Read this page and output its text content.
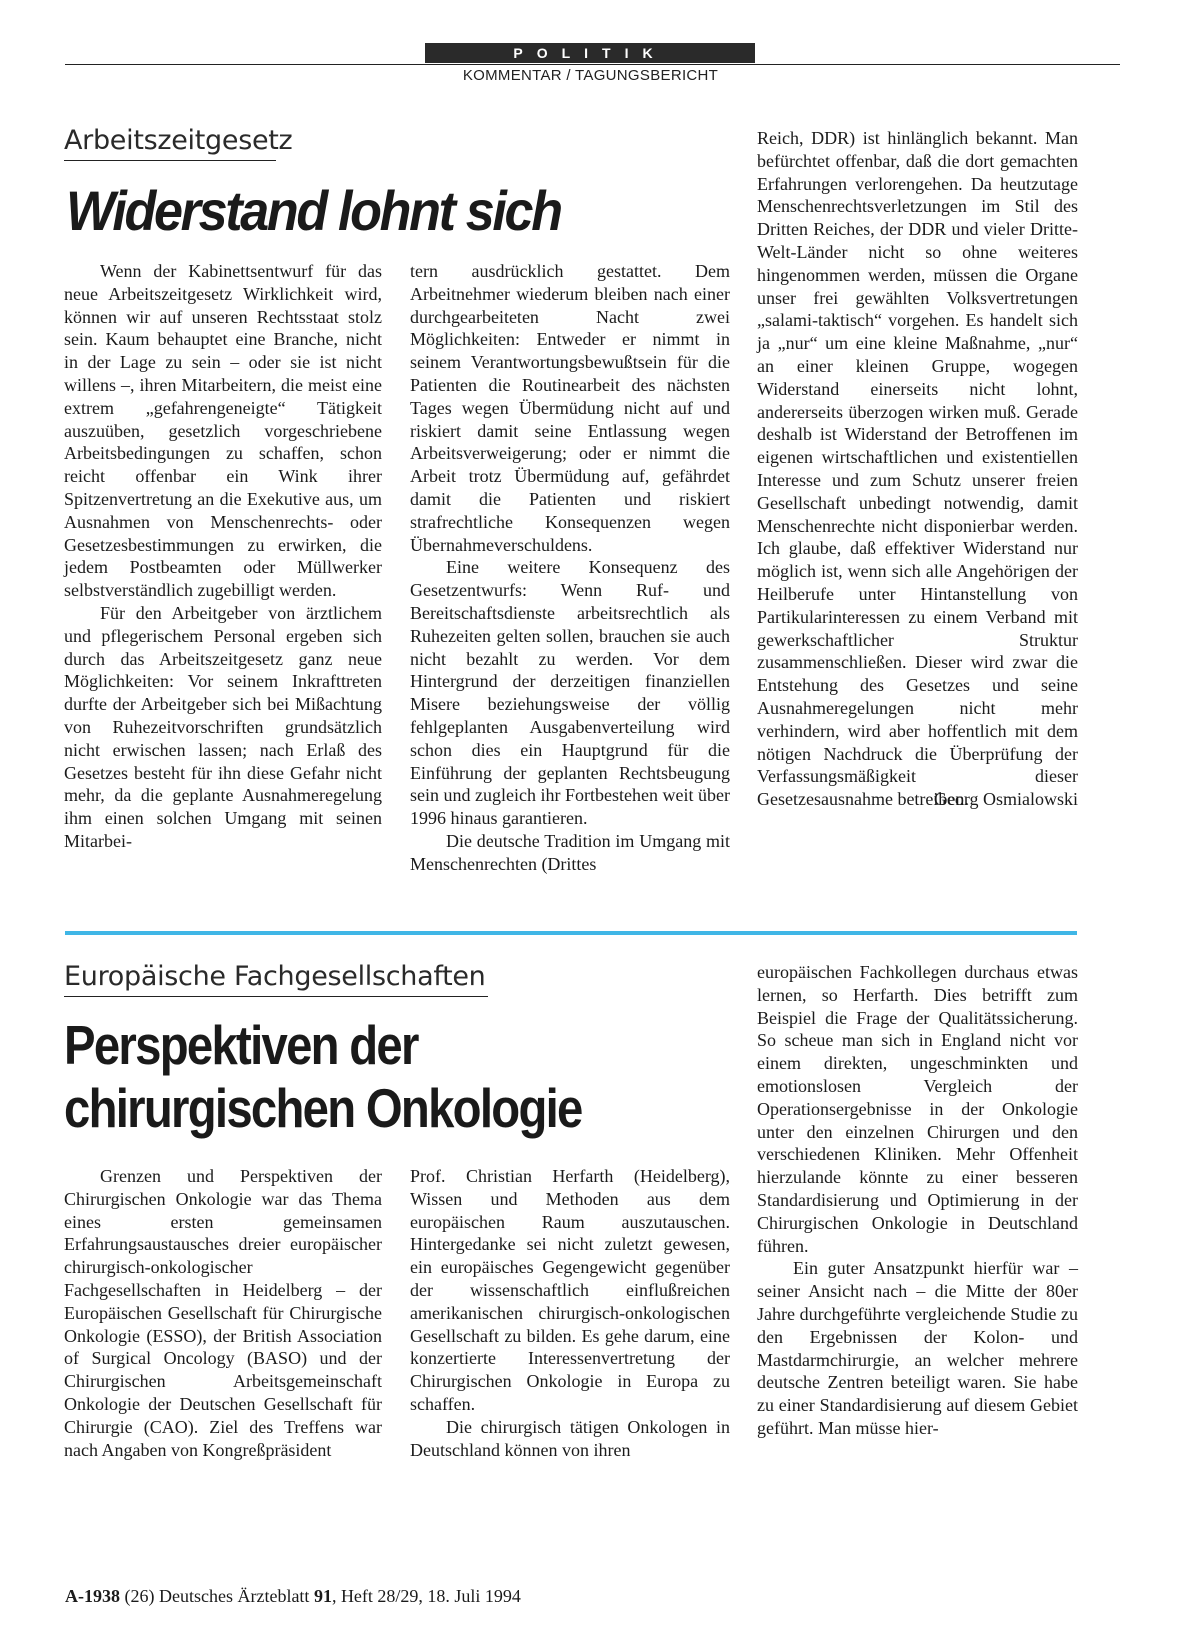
POLITIK
KOMMENTAR / TAGUNGSBERICHT
Arbeitszeitgesetz
Widerstand lohnt sich

Wenn der Kabinettsentwurf für das neue Arbeitszeitgesetz Wirklichkeit wird, können wir auf unseren Rechtsstaat stolz sein. Kaum behauptet eine Branche, nicht in der Lage zu sein – oder sie ist nicht willens –, ihren Mitarbeitern, die meist eine extrem „gefahrengeneigte“ Tätigkeit auszuüben, gesetzlich vorgeschriebene Arbeitsbedingungen zu schaffen, schon reicht offenbar ein Wink ihrer Spitzenvertretung an die Exekutive aus, um Ausnahmen von Menschenrechts- oder Gesetzesbestimmungen zu erwirken, die jedem Postbeamten oder Müllwerker selbstverständlich zugebilligt werden.

Für den Arbeitgeber von ärztlichem und pflegerischem Personal ergeben sich durch das Arbeitszeitgesetz ganz neue Möglichkeiten: Vor seinem Inkrafttreten durfte der Arbeitgeber sich bei Mißachtung von Ruhezeitvorschriften grundsätzlich nicht erwischen lassen; nach Erlaß des Gesetzes besteht für ihn diese Gefahr nicht mehr, da die geplante Ausnahmeregelung ihm einen solchen Umgang mit seinen Mitarbei-

tern ausdrücklich gestattet. Dem Arbeitnehmer wiederum bleiben nach einer durchgearbeiteten Nacht zwei Möglichkeiten: Entweder er nimmt in seinem Verantwortungsbewußtsein für die Patienten die Routinearbeit des nächsten Tages wegen Übermüdung nicht auf und riskiert damit seine Entlassung wegen Arbeitsverweigerung; oder er nimmt die Arbeit trotz Übermüdung auf, gefährdet damit die Patienten und riskiert strafrechtliche Konsequenzen wegen Übernahmeverschuldens.

Eine weitere Konsequenz des Gesetzentwurfs: Wenn Ruf- und Bereitschaftsdienste arbeitsrechtlich als Ruhezeiten gelten sollen, brauchen sie auch nicht bezahlt zu werden. Vor dem Hintergrund der derzeitigen finanziellen Misere beziehungsweise der völlig fehlgeplanten Ausgabenverteilung wird schon dies ein Hauptgrund für die Einführung der geplanten Rechtsbeugung sein und zugleich ihr Fortbestehen weit über 1996 hinaus garantieren.

Die deutsche Tradition im Umgang mit Menschenrechten (Drittes

Reich, DDR) ist hinlänglich bekannt. Man befürchtet offenbar, daß die dort gemachten Erfahrungen verlorengehen. Da heutzutage Menschenrechtsverletzungen im Stil des Dritten Reiches, der DDR und vieler Dritte-Welt-Länder nicht so ohne weiteres hingenommen werden, müssen die Organe unser frei gewählten Volksvertretungen „salami-taktisch“ vorgehen. Es handelt sich ja „nur“ um eine kleine Maßnahme, „nur“ an einer kleinen Gruppe, wogegen Widerstand einerseits nicht lohnt, andererseits überzogen wirken muß. Gerade deshalb ist Widerstand der Betroffenen im eigenen wirtschaftlichen und existentiellen Interesse und zum Schutz unserer freien Gesellschaft unbedingt notwendig, damit Menschenrechte nicht disponierbar werden. Ich glaube, daß effektiver Widerstand nur möglich ist, wenn sich alle Angehörigen der Heilberufe unter Hintanstellung von Partikularinteressen zu einem Verband mit gewerkschaftlicher Struktur zusammenschließen. Dieser wird zwar die Entstehung des Gesetzes und seine Ausnahmeregelungen nicht mehr verhindern, wird aber hoffentlich mit dem nötigen Nachdruck die Überprüfung der Verfassungsmäßigkeit dieser Gesetzesausnahme betreiben.

Georg Osmialowski

Europäische Fachgesellschaften
Perspektiven der
chirurgischen Onkologie

Grenzen und Perspektiven der Chirurgischen Onkologie war das Thema eines ersten gemeinsamen Erfahrungsaustausches dreier europäischer chirurgisch-onkologischer Fachgesellschaften in Heidelberg – der Europäischen Gesellschaft für Chirurgische Onkologie (ESSO), der British Association of Surgical Oncology (BASO) und der Chirurgischen Arbeitsgemeinschaft Onkologie der Deutschen Gesellschaft für Chirurgie (CAO). Ziel des Treffens war nach Angaben von Kongreßpräsident

Prof. Christian Herfarth (Heidelberg), Wissen und Methoden aus dem europäischen Raum auszutauschen. Hintergedanke sei nicht zuletzt gewesen, ein europäisches Gegengewicht gegenüber der wissenschaftlich einflußreichen amerikanischen chirurgisch-onkologischen Gesellschaft zu bilden. Es gehe darum, eine konzertierte Interessenvertretung der Chirurgischen Onkologie in Europa zu schaffen.

Die chirurgisch tätigen Onkologen in Deutschland können von ihren

europäischen Fachkollegen durchaus etwas lernen, so Herfarth. Dies betrifft zum Beispiel die Frage der Qualitätssicherung. So scheue man sich in England nicht vor einem direkten, ungeschminkten und emotionslosen Vergleich der Operationsergebnisse in der Onkologie unter den einzelnen Chirurgen und den verschiedenen Kliniken. Mehr Offenheit hierzulande könnte zu einer besseren Standardisierung und Optimierung in der Chirurgischen Onkologie in Deutschland führen.

Ein guter Ansatzpunkt hierfür war – seiner Ansicht nach – die Mitte der 80er Jahre durchgeführte vergleichende Studie zu den Ergebnissen der Kolon- und Mastdarmchirurgie, an welcher mehrere deutsche Zentren beteiligt waren. Sie habe zu einer Standardisierung auf diesem Gebiet geführt. Man müsse hier-

A-1938 (26) Deutsches Ärzteblatt 91, Heft 28/29, 18. Juli 1994
